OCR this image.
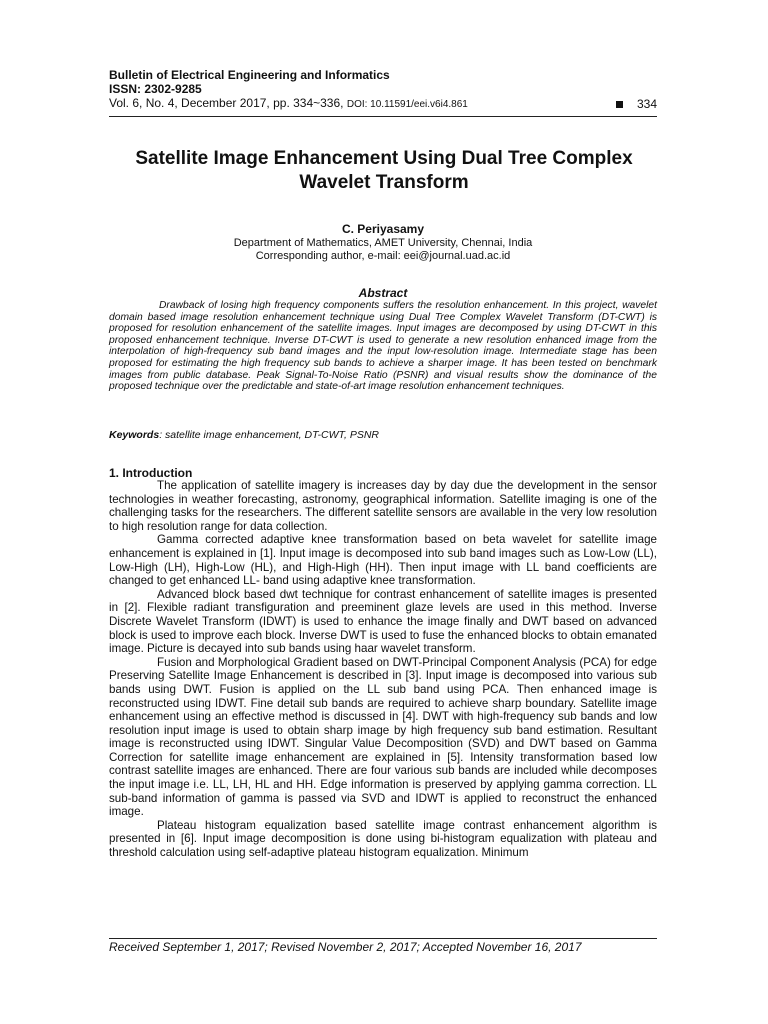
Bulletin of Electrical Engineering and Informatics
ISSN: 2302-9285
Vol. 6, No. 4, December 2017, pp. 334~336, DOI: 10.11591/eei.v6i4.861	334
Satellite Image Enhancement Using Dual Tree Complex Wavelet Transform
C. Periyasamy
Department of Mathematics, AMET University, Chennai, India
Corresponding author, e-mail: eei@journal.uad.ac.id
Abstract

Drawback of losing high frequency components suffers the resolution enhancement. In this project, wavelet domain based image resolution enhancement technique using Dual Tree Complex Wavelet Transform (DT-CWT) is proposed for resolution enhancement of the satellite images. Input images are decomposed by using DT-CWT in this proposed enhancement technique. Inverse DT-CWT is used to generate a new resolution enhanced image from the interpolation of high-frequency sub band images and the input low-resolution image. Intermediate stage has been proposed for estimating the high frequency sub bands to achieve a sharper image. It has been tested on benchmark images from public database. Peak Signal-To-Noise Ratio (PSNR) and visual results show the dominance of the proposed technique over the predictable and state-of-art image resolution enhancement techniques.

Keywords: satellite image enhancement, DT-CWT, PSNR
1. Introduction

The application of satellite imagery is increases day by day due the development in the sensor technologies in weather forecasting, astronomy, geographical information. Satellite imaging is one of the challenging tasks for the researchers. The different satellite sensors are available in the very low resolution to high resolution range for data collection.

Gamma corrected adaptive knee transformation based on beta wavelet for satellite image enhancement is explained in [1]. Input image is decomposed into sub band images such as Low-Low (LL), Low-High (LH), High-Low (HL), and High-High (HH). Then input image with LL band coefficients are changed to get enhanced LL- band using adaptive knee transformation.

Advanced block based dwt technique for contrast enhancement of satellite images is presented in [2]. Flexible radiant transfiguration and preeminent glaze levels are used in this method. Inverse Discrete Wavelet Transform (IDWT) is used to enhance the image finally and DWT based on advanced block is used to improve each block. Inverse DWT is used to fuse the enhanced blocks to obtain emanated image. Picture is decayed into sub bands using haar wavelet transform.

Fusion and Morphological Gradient based on DWT-Principal Component Analysis (PCA) for edge Preserving Satellite Image Enhancement is described in [3]. Input image is decomposed into various sub bands using DWT. Fusion is applied on the LL sub band using PCA. Then enhanced image is reconstructed using IDWT. Fine detail sub bands are required to achieve sharp boundary. Satellite image enhancement using an effective method is discussed in [4]. DWT with high-frequency sub bands and low resolution input image is used to obtain sharp image by high frequency sub band estimation. Resultant image is reconstructed using IDWT. Singular Value Decomposition (SVD) and DWT based on Gamma Correction for satellite image enhancement are explained in [5]. Intensity transformation based low contrast satellite images are enhanced. There are four various sub bands are included while decomposes the input image i.e. LL, LH, HL and HH. Edge information is preserved by applying gamma correction. LL sub-band information of gamma is passed via SVD and IDWT is applied to reconstruct the enhanced image.

Plateau histogram equalization based satellite image contrast enhancement algorithm is presented in [6]. Input image decomposition is done using bi-histogram equalization with plateau and threshold calculation using self-adaptive plateau histogram equalization. Minimum

Received September 1, 2017; Revised November 2, 2017; Accepted November 16, 2017
